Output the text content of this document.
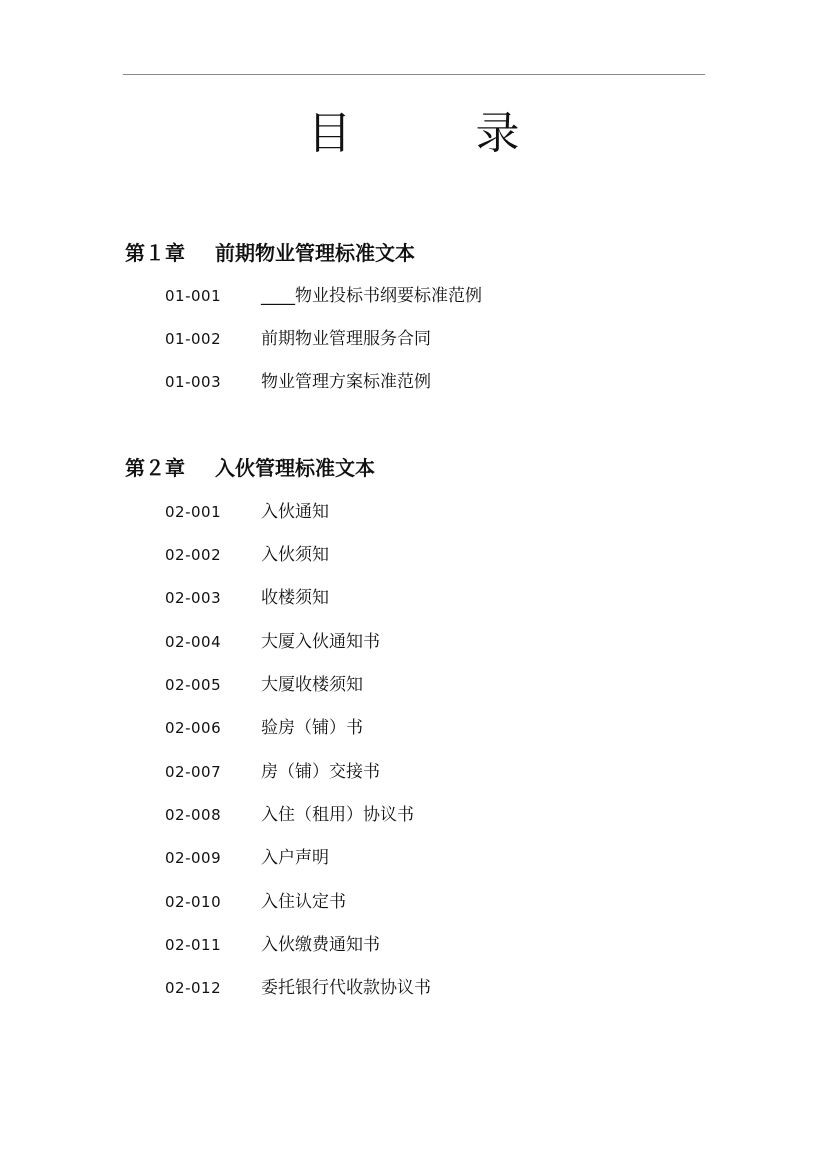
目　录
第１章 前期物业管理标准文本
01-001 ____物业投标书纲要标准范例
01-002 前期物业管理服务合同
01-003 物业管理方案标准范例
第２章 入伙管理标准文本
02-001 入伙通知
02-002 入伙须知
02-003 收楼须知
02-004 大厦入伙通知书
02-005 大厦收楼须知
02-006 验房（铺）书
02-007 房（铺）交接书
02-008 入住（租用）协议书
02-009 入户声明
02-010 入住认定书
02-011 入伙缴费通知书
02-012 委托银行代收款协议书
